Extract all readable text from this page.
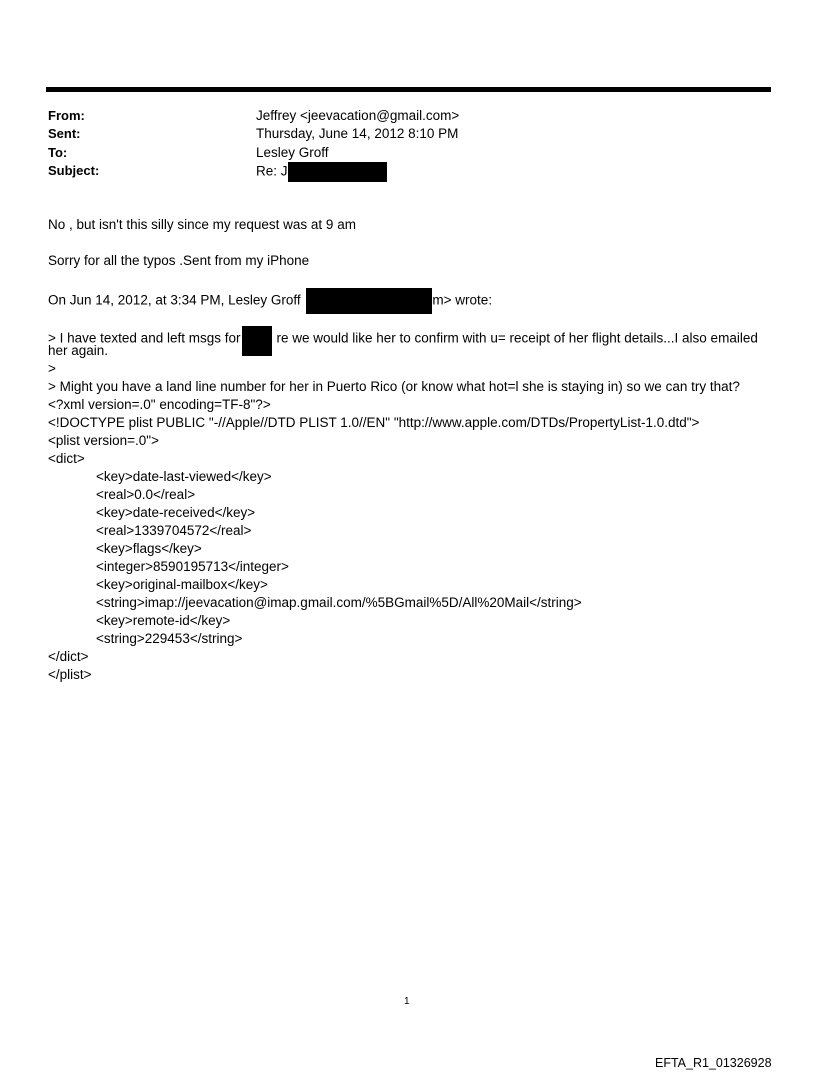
From:	Jeffrey <jeevacation@gmail.com>
Sent:	Thursday, June 14, 2012 8:10 PM
To:	Lesley Groff
Subject:	Re: J
No , but isn't this silly since my request was at 9 am
Sorry for all the typos .Sent from my iPhone
On Jun 14, 2012, at 3:34 PM, Lesley Groff	m> wrote:
> I have texted and left msgs for	re we would like her to confirm with u= receipt of her flight details...I also emailed
her again.
>
> Might you have a land line number for her in Puerto Rico (or know what hot=l she is staying in) so we can try that?
<?xml version=.0" encoding=TF-8"?>
<!DOCTYPE plist PUBLIC "-//Apple//DTD PLIST 1.0//EN" "http://www.apple.com/DTDs/PropertyList-1.0.dtd">
<plist version=.0">
<dict>
<key>date-last-viewed</key>
<real>0.0</real>
<key>date-received</key>
<real>1339704572</real>
<key>flags</key>
<integer>8590195713</integer>
<key>original-mailbox</key>
<string>imap://jeevacation@imap.gmail.com/%5BGmail%5D/All%20Mail</string>
<key>remote-id</key>
<string>229453</string>
</dict>
</plist>
1
EFTA_R1_01326928
